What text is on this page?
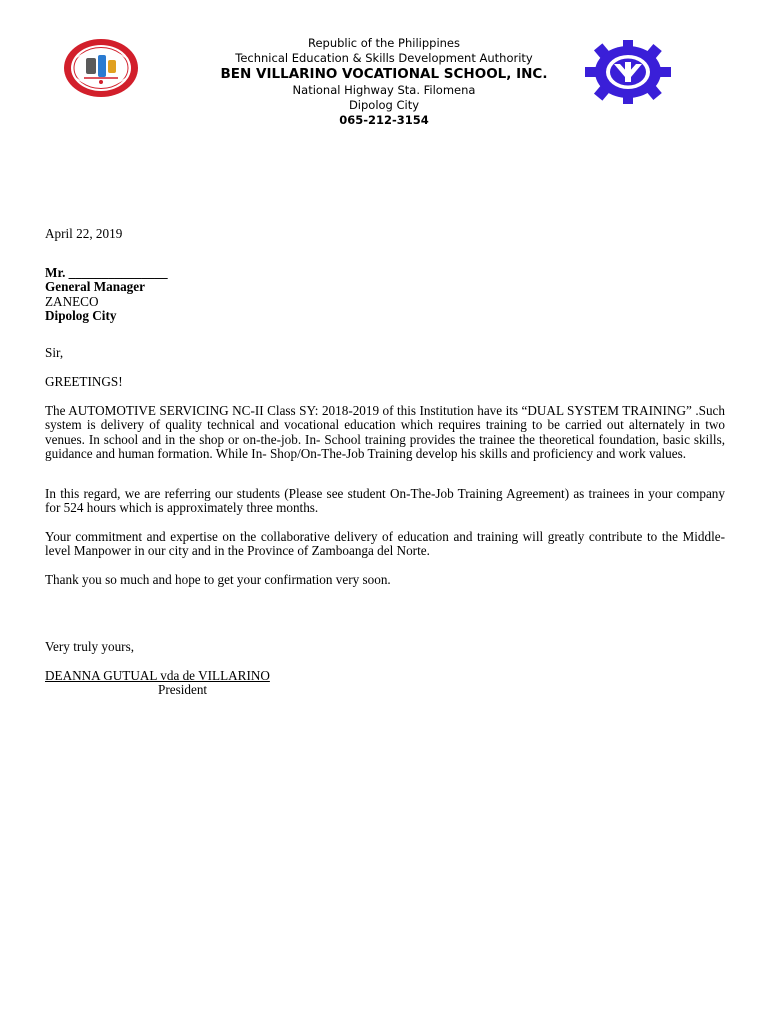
Republic of the Philippines
Technical Education & Skills Development Authority
BEN VILLARINO VOCATIONAL SCHOOL, INC.
National Highway Sta. Filomena
Dipolog City
065-212-3154
April 22, 2019
Mr. _______________
General Manager
ZANECO
Dipolog City
Sir,
GREETINGS!
The AUTOMOTIVE SERVICING NC-II Class SY: 2018-2019 of this Institution have its “DUAL SYSTEM TRAINING” .Such system is delivery of quality technical and vocational education which requires training to be carried out alternately in two venues. In school and in the shop or on-the-job. In- School training provides the trainee the theoretical foundation, basic skills, guidance and human formation. While In- Shop/On-The-Job Training develop his skills and proficiency and work values.
In this regard, we are referring our students (Please see student On-The-Job Training Agreement) as trainees in your company for 524 hours which is approximately three months.
Your commitment and expertise on the collaborative delivery of education and training will greatly contribute to the Middle- level Manpower in our city and in the Province of Zamboanga del Norte.
Thank you so much and hope to get your confirmation very soon.
Very truly yours,
DEANNA GUTUAL vda de VILLARINO
President
